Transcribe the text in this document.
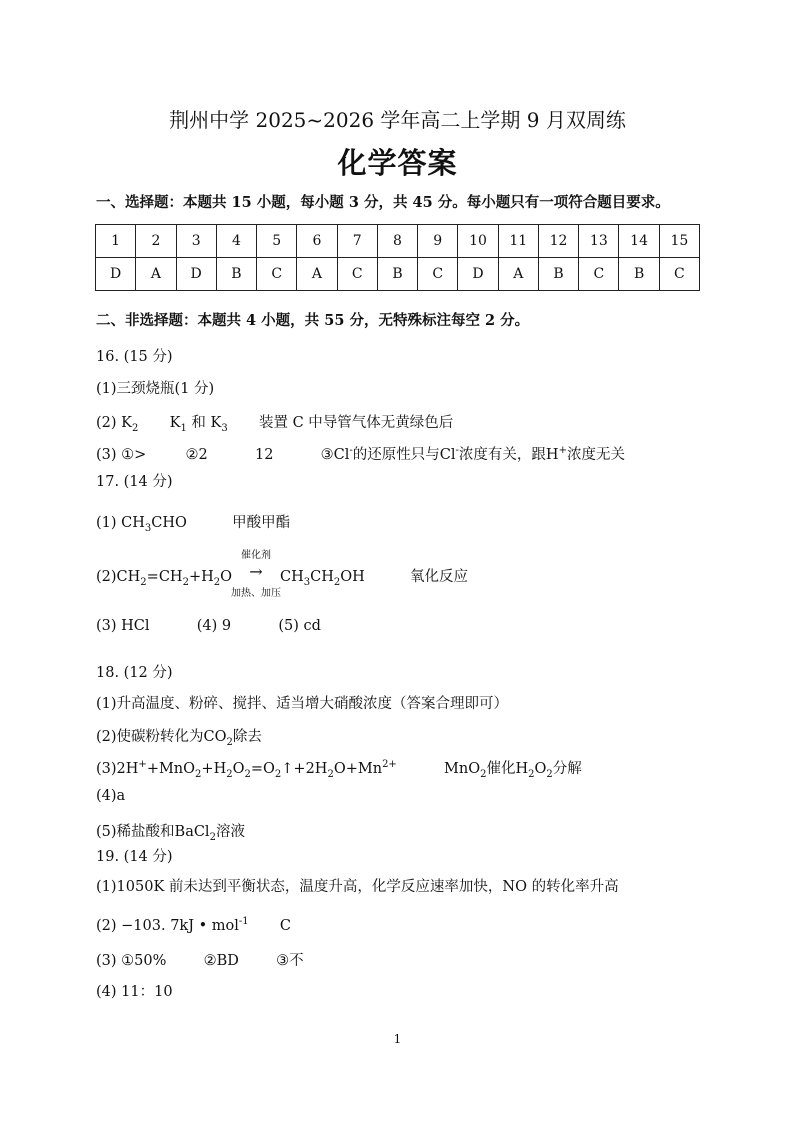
荆州中学 2025~2026 学年高二上学期 9 月双周练
化学答案
一、选择题：本题共 15 小题，每小题 3 分，共 45 分。每小题只有一项符合题目要求。
1	2	3	4	5	6	7	8	9	10	11	12	13	14	15
D	A	D	B	C	A	C	B	C	D	A	B	C	B	C
二、非选择题：本题共 4 小题，共 55 分，无特殊标注每空 2 分。
16. (15 分)
(1)三颈烧瓶(1 分)
(2) $K_2$ $K_1$ 和 $K_3$ 装置 C 中导管气体无黄绿色后
(3) ①>	②2	12	③Cl-的还原性只与Cl-浓度有关，跟H+浓度无关
17. (14 分)
(1) $CH_3CHO$	甲酸甲酯
$(2)CH_2=CH_2+H_2O$
催化剂
→
加热、加压
$CH_3CH_2OH$	氧化反应
(3) HCl	(4) 9	(5) cd
18. (12 分)
(1)升高温度、粉碎、搅拌、适当增大硝酸浓度（答案合理即可）
(2)使碳粉转化为$CO_2$除去
$(3)2H^++MnO_2+H_2O_2=O_2↑+2H_2O+Mn^{2+}$	MnO$_2$催化$H_2O_2$分解
(4)a
(5)稀盐酸和BaCl$_2$溶液
19. (14 分)
(1)1050K 前未达到平衡状态，温度升高，化学反应速率加快，NO 的转化率升高
(2) −103. 7kJ • mol$^{-1}$ C
(3) ①50%	②BD	③不
(4) 11：10
1
